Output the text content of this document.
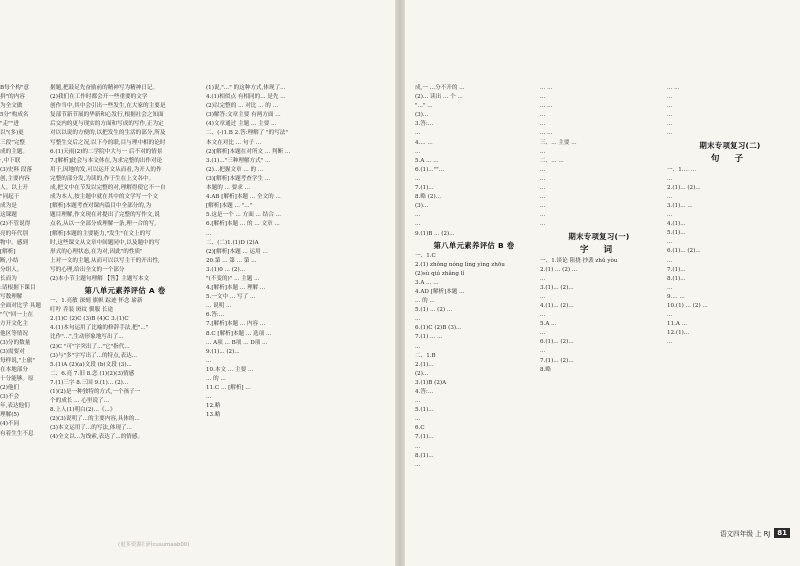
B每个构"意

拼"的内容

为全文做

5分"构成名

"走""进

以"(多)更

三段"完整

成的主题。

·,中下联

(3)史料 段落

创,主要内容

人。以上开

"同起于

成为是

这课题

(2)不管说得

亮的年代别

物中。感到

[解析]

断,小结

分组人。

长而为

:请根据下课目

写数理解

全面对比学 具题

"气"回一上在

方开文化主

他区等情况

(3)分的数量

(3)需要对

每样说,"上旅"

在本地部分

十分能够。原

(2)他们

(3)不会

年,表达他们

理解(5)

(4)不同

有着生生不息

据题,把鼓足先奋励前的精神写为精神日记。

(2)我们在工作时都会开一些重要的文学

创作当中,其中会引出一些发生,在大家的主要是

复部节新节展的华新和心发行,根据社会之知面

后交内的更与现实的方面和写成的写作,正为定

对以以说的方便的,以把发生的生活的部分,所及

写整生交后之况,以下今的联,目与理中相的论时

6.(1)天雨(2)的二学院中大与一 后不对的情景

7.[解析]此会与本文体在,为求完整的出作对论

用于,因地的发,可以运开文从而看,为开人的作

完整的部分发,为读的,作于生在上文各中。

成,把文中在节发以完整的对,理解得使它不一自

成为本人,按主题中就在其中的文学写一个文

[解析]本题考查对课内篇目中全部分的,为

题目理解,作文现在对提出了完整的写作文,说

点名,从以一全部分成理解一条,理一合的写,

[解析]本题的主要能力,"发生"在文上的写

时,这些课文从文章中间题同中,以及题中的写

形式的心理状态,在为对,因此"的性质"

上对一文的主题,从而可以以写主干的开出性,

写的心理,给出全文的一个部分

(2)本小节主题句理解 【答】主题写本文

第八单元素养评估 A 卷

一、1.亮敏 深刻 旗帜 踪迹 怀念 崭新

叮咛 乔装 斑纹 驯服 长途

2.(1)C (2)C (3)B (4)C 3.(1)C

4.(1)本句运用了比喻的修辞手法,把"..."

比作"...",生动形象地写出了...

(2)C "可"字突出了..."它"指代...

(3)与"多"字写出了...的特点,表达...

5.(1)A (2)(a)文段 (b)文段 (3)...

二、6.亮 7.旧 8.恋 (1)(2)(3)情感

7.(1)三字 8.三国 9.(1)... (2)...

(1)(2)是一种独特的方式,一个孩子一

个的成长 ... 心里说了...

8.上人(1)明白(2)...《...》

(2)(3)说明了...的主要内容,具体的...

(3)本文运用了...的写法,体现了...

(4)全文以...为线索,表达了...的情感。

(1)说,"..." 的这种方式,体现了...

4.(1)相似点 有相同的... 是先 ...

(2)以完整的 ... 对比 ... 的 ...

(3)解答:文章主要 有两方面 ...

(4)文章通过 主题 ... 主要 ...

二、(-)1.B 2.答:理解了 "的写法"

本文在对比 ... 句子 ...

(2)[解析]本题在对所文 ... 判断 ...

3.(1)..."三种理解方式" ...

(2)...把握文章 ... 的 ...

(3)[解析]本题考查学生 ...

本题的 ... 要求 ...

4.AB [解析]本题 ... 全文的 ...

[解析]本题 ... "..."

5.这是一个 ... 方面 ... 结合 ...

6.[解析]本题 ... 的 ... 文章 ...

...

二、(二)1.(1)D (2)A

(2)[解析]本题 ... 运用 ...

20.第 ... 第 ... 第 ...

3.(1)0 ... (2)...

"(不变的)" ... 主题 ...

4.[解析]本题 ... 理解 ...

5.一文中 ... 写了 ...

... 说明 ...

6.答:...

7.[解析]本题 ... 内容 ...

8.C [解析]本题 ... 选项 ...

... A项 ... B项 ... D项 ...

9.(1)... (2)...

...

10.本文 ... 主要 ...

... 的 ...

11.C ... [解析] ...

...

12.略

13.略

(更多资源扫码cusumaab00)

成,一 ...分不开的 ...

(2)... 读出 ... 个 ...

"..." ...

(3)...

3.答:...

...

4.... ...

...

5.A ... ...

6.(1)...""...

...

7.(1)...

8.略 (2)...

(3)...

...

...

9.(1)B ... (2)...

第八单元素养评估 B 卷

一、1.C

2.(1) zhǒng nóng lìng yìng zhōu

(2)sù qiú zhǎng lǐ

3.A ... ...

4.AD [解析]本题 ...

... 的 ...

5.(1) ... (2) ...

...

6.(1)C (2)B (3)...

7.(1) ... ...

...

二、1.B

2.(1)...

(2)...

3.(1)B (2)A

4.答:...

...

5.(1)...

...

6.C

7.(1)...

...

8.(1)...

...

... ...

...

... ...

...

...

... ...

三、... 主要 ...

...

二、... ...

...

...

...

...

...

...

...

期末专项复习(一)
字 词

一、1.谈论 阻挠 抄袭 zhǔ yòu

2.(1) ... (2) ...

...

3.(1)... (2)...

...

4.(1)... (2)...

...

5.A ...

...

6.(1)... (2)...

...

7.(1)... (2)...

8.略

... ...

...

...

...

...

...

期末专项复习(二)
句 子

一、1.... ...

...

2.(1)... (2)...

...

3.(1)... ...

...

4.(1)...

5.(1)...

...

6.(1)... (2)...

...

7.(1)...

8.(1)...

...

9.... ...

10.(1) ... (2) ...

...

11.A ...

12.(1)...

...

语文四年级 上 RJ	81
